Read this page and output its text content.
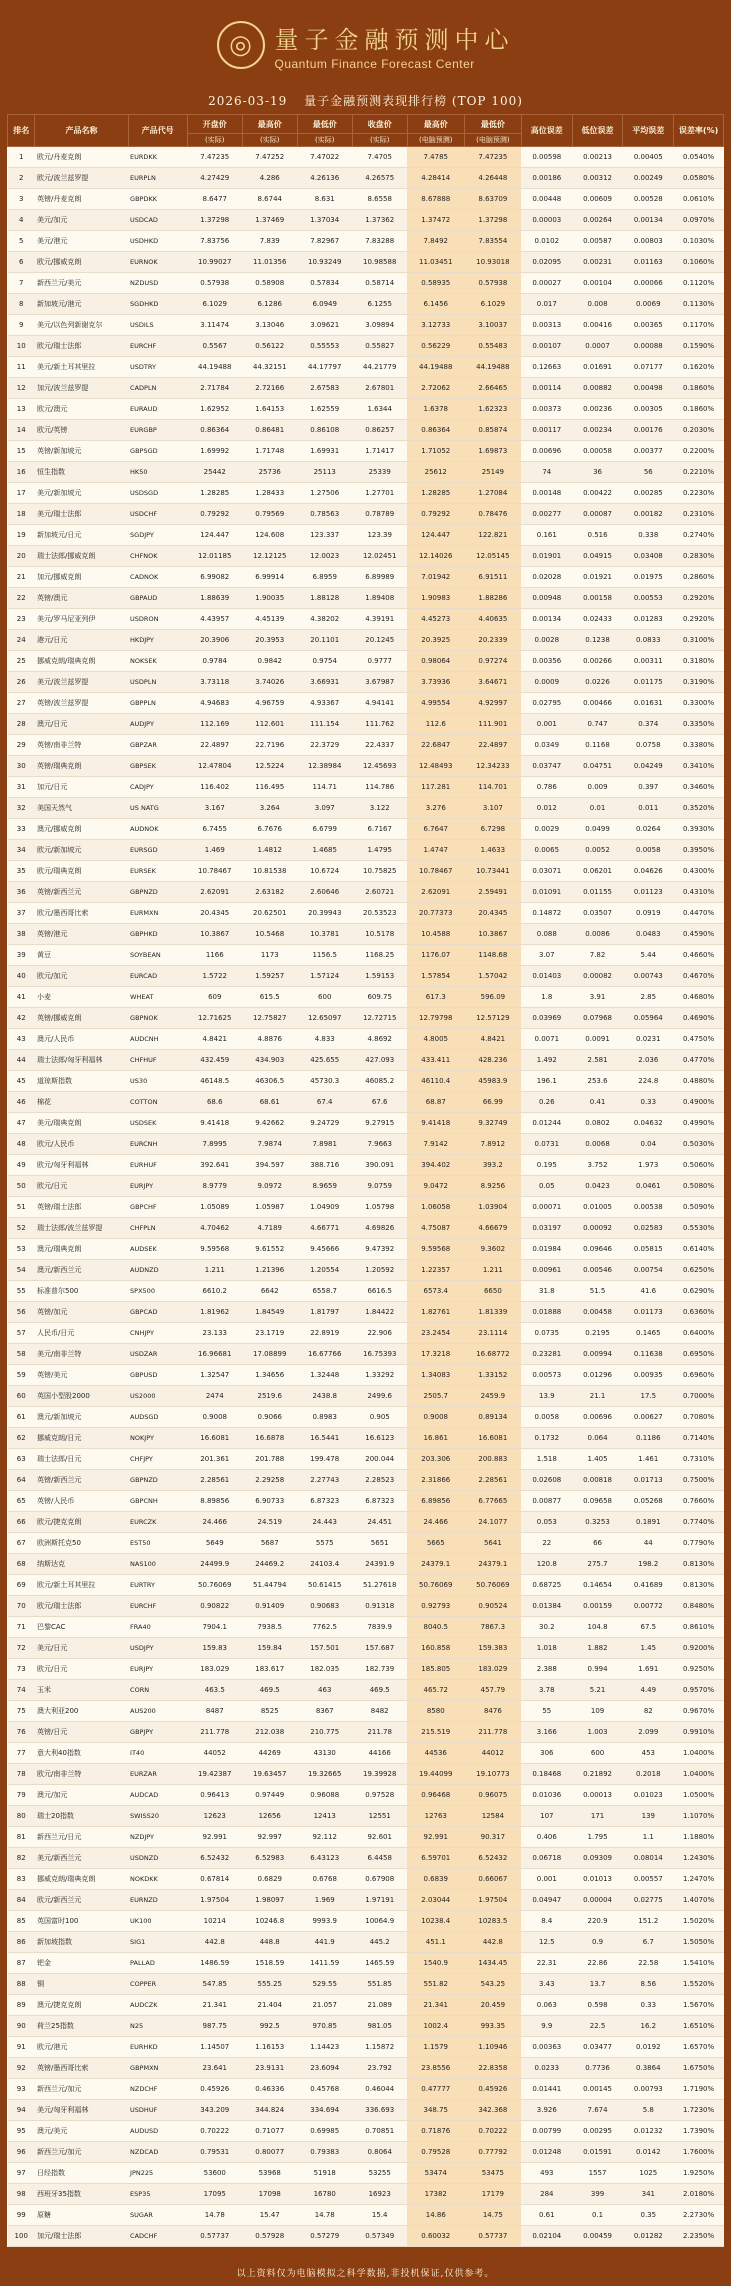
◎ 量子金融预测中心
Quantum Finance Forecast Center
2026-03-19 量子金融预测表现排行榜 (TOP 100)
排名	产品名称	产品代号	开盘价	最高价	最低价	收盘价	最高价	最低价	高位误差	低位误差	平均误差	误差率(%)
			(实际)	(实际)	(实际)	(实际)	(电脑预测)	(电脑预测)				
1	欧元/丹麦克朗	EURDKK	7.47235	7.47252	7.47022	7.4705	7.4785	7.47235	0.00598	0.00213	0.00405	0.0540%
2	欧元/波兰兹罗提	EURPLN	4.27429	4.286	4.26136	4.26575	4.28414	4.26448	0.00186	0.00312	0.00249	0.0580%
3	英镑/丹麦克朗	GBPDKK	8.6477	8.6744	8.631	8.6558	8.67888	8.63709	0.00448	0.00609	0.00528	0.0610%
4	美元/加元	USDCAD	1.37298	1.37469	1.37034	1.37362	1.37472	1.37298	0.00003	0.00264	0.00134	0.0970%
5	美元/港元	USDHKD	7.83756	7.839	7.82967	7.83288	7.8492	7.83554	0.0102	0.00587	0.00803	0.1030%
6	欧元/挪威克朗	EURNOK	10.99027	11.01356	10.93249	10.98588	11.03451	10.93018	0.02095	0.00231	0.01163	0.1060%
7	新西兰元/美元	NZDUSD	0.57938	0.58908	0.57834	0.58714	0.58935	0.57938	0.00027	0.00104	0.00066	0.1120%
8	新加坡元/港元	SGDHKD	6.1029	6.1286	6.0949	6.1255	6.1456	6.1029	0.017	0.008	0.0069	0.1130%
9	美元/以色列新谢克尔	USDILS	3.11474	3.13046	3.09621	3.09894	3.12733	3.10037	0.00313	0.00416	0.00365	0.1170%
10	欧元/瑞士法郎	EURCHF	0.5567	0.56122	0.55553	0.55827	0.56229	0.55483	0.00107	0.0007	0.00088	0.1590%
11	美元/新土耳其里拉	USDTRY	44.19488	44.32151	44.17797	44.21779	44.19488	44.19488	0.12663	0.01691	0.07177	0.1620%
12	加元/波兰兹罗提	CADPLN	2.71784	2.72166	2.67583	2.67801	2.72062	2.66465	0.00114	0.00882	0.00498	0.1860%
13	欧元/澳元	EURAUD	1.62952	1.64153	1.62559	1.6344	1.6378	1.62323	0.00373	0.00236	0.00305	0.1860%
14	欧元/英镑	EURGBP	0.86364	0.86481	0.86108	0.86257	0.86364	0.85874	0.00117	0.00234	0.00176	0.2030%
15	英镑/新加坡元	GBPSGD	1.69992	1.71748	1.69931	1.71417	1.71052	1.69873	0.00696	0.00058	0.00377	0.2200%
16	恒生指数	HK50	25442	25736	25113	25339	25612	25149	74	36	56	0.2210%
17	美元/新加坡元	USDSGD	1.28285	1.28433	1.27506	1.27701	1.28285	1.27084	0.00148	0.00422	0.00285	0.2230%
18	美元/瑞士法郎	USDCHF	0.79292	0.79569	0.78563	0.78789	0.79292	0.78476	0.00277	0.00087	0.00182	0.2310%
19	新加坡元/日元	SGDJPY	124.447	124.608	123.337	123.39	124.447	122.821	0.161	0.516	0.338	0.2740%
20	瑞士法郎/挪威克朗	CHFNOK	12.01185	12.12125	12.0023	12.02451	12.14026	12.05145	0.01901	0.04915	0.03408	0.2830%
21	加元/挪威克朗	CADNOK	6.99082	6.99914	6.8959	6.89989	7.01942	6.91511	0.02028	0.01921	0.01975	0.2860%
22	英镑/澳元	GBPAUD	1.88639	1.90035	1.88128	1.89408	1.90983	1.88286	0.00948	0.00158	0.00553	0.2920%
23	美元/罗马尼亚列伊	USDRON	4.43957	4.45139	4.38202	4.39191	4.45273	4.40635	0.00134	0.02433	0.01283	0.2920%
24	港元/日元	HKDJPY	20.3906	20.3953	20.1101	20.1245	20.3925	20.2339	0.0028	0.1238	0.0833	0.3100%
25	挪威克朗/瑞典克朗	NOKSEK	0.9784	0.9842	0.9754	0.9777	0.98064	0.97274	0.00356	0.00266	0.00311	0.3180%
26	美元/波兰兹罗提	USDPLN	3.73118	3.74026	3.66931	3.67987	3.73936	3.64671	0.0009	0.0226	0.01175	0.3190%
27	英镑/波兰兹罗提	GBPPLN	4.94683	4.96759	4.93367	4.94141	4.99554	4.92997	0.02795	0.00466	0.01631	0.3300%
28	澳元/日元	AUDJPY	112.169	112.601	111.154	111.762	112.6	111.901	0.001	0.747	0.374	0.3350%
29	英镑/南非兰特	GBPZAR	22.4897	22.7196	22.3729	22.4337	22.6847	22.4897	0.0349	0.1168	0.0758	0.3380%
30	英镑/瑞典克朗	GBPSEK	12.47804	12.5224	12.38984	12.45693	12.48493	12.34233	0.03747	0.04751	0.04249	0.3410%
31	加元/日元	CADJPY	116.402	116.495	114.71	114.786	117.281	114.701	0.786	0.009	0.397	0.3460%
32	美国天然气	US NATG	3.167	3.264	3.097	3.122	3.276	3.107	0.012	0.01	0.011	0.3520%
33	澳元/挪威克朗	AUDNOK	6.7455	6.7676	6.6799	6.7167	6.7647	6.7298	0.0029	0.0499	0.0264	0.3930%
34	欧元/新加坡元	EURSGD	1.469	1.4812	1.4685	1.4795	1.4747	1.4633	0.0065	0.0052	0.0058	0.3950%
35	欧元/瑞典克朗	EURSEK	10.78467	10.81538	10.6724	10.75825	10.78467	10.73441	0.03071	0.06201	0.04626	0.4300%
36	英镑/新西兰元	GBPNZD	2.62091	2.63182	2.60646	2.60721	2.62091	2.59491	0.01091	0.01155	0.01123	0.4310%
37	欧元/墨西哥比索	EURMXN	20.4345	20.62501	20.39943	20.53523	20.77373	20.4345	0.14872	0.03507	0.0919	0.4470%
38	英镑/港元	GBPHKD	10.3867	10.5468	10.3781	10.5178	10.4588	10.3867	0.088	0.0086	0.0483	0.4590%
39	黄豆	SOYBEAN	1166	1173	1156.5	1168.25	1176.07	1148.68	3.07	7.82	5.44	0.4660%
40	欧元/加元	EURCAD	1.5722	1.59257	1.57124	1.59153	1.57854	1.57042	0.01403	0.00082	0.00743	0.4670%
41	小麦	WHEAT	609	615.5	600	609.75	617.3	596.09	1.8	3.91	2.85	0.4680%
42	英镑/挪威克朗	GBPNOK	12.71625	12.75827	12.65097	12.72715	12.79798	12.57129	0.03969	0.07968	0.05964	0.4690%
43	澳元/人民币	AUDCNH	4.8421	4.8876	4.833	4.8692	4.8005	4.8421	0.0071	0.0091	0.0231	0.4750%
44	瑞士法郎/匈牙利福林	CHFHUF	432.459	434.903	425.655	427.093	433.411	428.236	1.492	2.581	2.036	0.4770%
45	道琼斯指数	US30	46148.5	46306.5	45730.3	46085.2	46110.4	45983.9	196.1	253.6	224.8	0.4880%
46	棉花	COTTON	68.6	68.61	67.4	67.6	68.87	66.99	0.26	0.41	0.33	0.4900%
47	美元/瑞典克朗	USDSEK	9.41418	9.42662	9.24729	9.27915	9.41418	9.32749	0.01244	0.0802	0.04632	0.4990%
48	欧元/人民币	EURCNH	7.8995	7.9874	7.8981	7.9663	7.9142	7.8912	0.0731	0.0068	0.04	0.5030%
49	欧元/匈牙利福林	EURHUF	392.641	394.597	388.716	390.091	394.402	393.2	0.195	3.752	1.973	0.5060%
50	欧元/日元	EURJPY	8.9779	9.0972	8.9659	9.0759	9.0472	8.9256	0.05	0.0423	0.0461	0.5080%
51	英镑/瑞士法郎	GBPCHF	1.05089	1.05987	1.04909	1.05798	1.06058	1.03904	0.00071	0.01005	0.00538	0.5090%
52	瑞士法郎/波兰兹罗提	CHFPLN	4.70462	4.7189	4.66771	4.69826	4.75087	4.66679	0.03197	0.00092	0.02583	0.5530%
53	澳元/瑞典克朗	AUDSEK	9.59568	9.61552	9.45666	9.47392	9.59568	9.3602	0.01984	0.09646	0.05815	0.6140%
54	澳元/新西兰元	AUDNZD	1.211	1.21396	1.20554	1.20592	1.22357	1.211	0.00961	0.00546	0.00754	0.6250%
55	标准普尔500	SPX500	6610.2	6642	6558.7	6616.5	6573.4	6650	31.8	51.5	41.6	0.6290%
56	英镑/加元	GBPCAD	1.81962	1.84549	1.81797	1.84422	1.82761	1.81339	0.01888	0.00458	0.01173	0.6360%
57	人民币/日元	CNHJPY	23.133	23.1719	22.8919	22.906	23.2454	23.1114	0.0735	0.2195	0.1465	0.6400%
58	美元/南非兰特	USDZAR	16.96681	17.08899	16.67766	16.75393	17.3218	16.68772	0.23281	0.00994	0.11638	0.6950%
59	英镑/美元	GBPUSD	1.32547	1.34656	1.32448	1.33292	1.34083	1.33152	0.00573	0.01296	0.00935	0.6960%
60	英国小型股2000	US2000	2474	2519.6	2438.8	2499.6	2505.7	2459.9	13.9	21.1	17.5	0.7000%
61	澳元/新加坡元	AUDSGD	0.9008	0.9066	0.8983	0.905	0.9008	0.89134	0.0058	0.00696	0.00627	0.7080%
62	挪威克朗/日元	NOKJPY	16.6081	16.6878	16.5441	16.6123	16.861	16.6081	0.1732	0.064	0.1186	0.7140%
63	瑞士法郎/日元	CHFJPY	201.361	201.788	199.478	200.044	203.306	200.883	1.518	1.405	1.461	0.7310%
64	英镑/新西兰元	GBPNZD	2.28561	2.29258	2.27743	2.28523	2.31866	2.28561	0.02608	0.00818	0.01713	0.7500%
65	英镑/人民币	GBPCNH	8.89856	6.90733	6.87323	6.87323	6.89856	6.77665	0.00877	0.09658	0.05268	0.7660%
66	欧元/捷克克朗	EURCZK	24.466	24.519	24.443	24.451	24.466	24.1077	0.053	0.3253	0.1891	0.7740%
67	欧洲斯托克50	EST50	5649	5687	5575	5651	5665	5641	22	66	44	0.7790%
68	纳斯达克	NAS100	24499.9	24469.2	24103.4	24391.9	24379.1	24379.1	120.8	275.7	198.2	0.8130%
69	欧元/新土耳其里拉	EURTRY	50.76069	51.44794	50.61415	51.27618	50.76069	50.76069	0.68725	0.14654	0.41689	0.8130%
70	欧元/瑞士法郎	EURCHF	0.90822	0.91409	0.90683	0.91318	0.92793	0.90524	0.01384	0.00159	0.00772	0.8480%
71	巴黎CAC	FRA40	7904.1	7938.5	7762.5	7839.9	8040.5	7867.3	30.2	104.8	67.5	0.8610%
72	美元/日元	USDJPY	159.83	159.84	157.501	157.687	160.858	159.383	1.018	1.882	1.45	0.9200%
73	欧元/日元	EURJPY	183.029	183.617	182.035	182.739	185.805	183.029	2.388	0.994	1.691	0.9250%
74	玉米	CORN	463.5	469.5	463	469.5	465.72	457.79	3.78	5.21	4.49	0.9570%
75	澳大利亚200	AUS200	8487	8525	8367	8482	8580	8476	55	109	82	0.9670%
76	英镑/日元	GBPJPY	211.778	212.038	210.775	211.78	215.519	211.778	3.166	1.003	2.099	0.9910%
77	意大利40指数	IT40	44052	44269	43130	44166	44536	44012	306	600	453	1.0400%
78	欧元/南非兰特	EURZAR	19.42387	19.63457	19.32665	19.39928	19.44099	19.10773	0.18468	0.21892	0.2018	1.0400%
79	澳元/加元	AUDCAD	0.96413	0.97449	0.96088	0.97528	0.96468	0.96075	0.01036	0.00013	0.01023	1.0500%
80	瑞士20指数	SWISS20	12623	12656	12413	12551	12763	12584	107	171	139	1.1070%
81	新西兰元/日元	NZDJPY	92.991	92.997	92.112	92.601	92.991	90.317	0.406	1.795	1.1	1.1880%
82	美元/新西兰元	USDNZD	6.52432	6.52983	6.43123	6.4458	6.59701	6.52432	0.06718	0.09309	0.08014	1.2430%
83	挪威克朗/瑞典克朗	NOKDKK	0.67814	0.6829	0.6768	0.67908	0.6839	0.66067	0.001	0.01013	0.00557	1.2470%
84	欧元/新西兰元	EURNZD	1.97504	1.98097	1.969	1.97191	2.03044	1.97504	0.04947	0.00004	0.02775	1.4070%
85	英国富时100	UK100	10214	10246.8	9993.9	10064.9	10238.4	10283.5	8.4	220.9	151.2	1.5020%
86	新加坡指数	SIG1	442.8	448.8	441.9	445.2	451.1	442.8	12.5	0.9	6.7	1.5050%
87	钯金	PALLAD	1486.59	1518.59	1411.59	1465.59	1540.9	1434.45	22.31	22.86	22.58	1.5410%
88	铜	COPPER	547.85	555.25	529.55	551.85	551.82	543.25	3.43	13.7	8.56	1.5520%
89	澳元/捷克克朗	AUDCZK	21.341	21.404	21.057	21.089	21.341	20.459	0.063	0.598	0.33	1.5670%
90	荷兰25指数	N25	987.75	992.5	970.85	981.05	1002.4	993.35	9.9	22.5	16.2	1.6510%
91	欧元/港元	EURHKD	1.14507	1.16153	1.14423	1.15872	1.1579	1.10946	0.00363	0.03477	0.0192	1.6570%
92	英镑/墨西哥比索	GBPMXN	23.641	23.9131	23.6094	23.792	23.8556	22.8358	0.0233	0.7736	0.3864	1.6750%
93	新西兰元/加元	NZDCHF	0.45926	0.46336	0.45768	0.46044	0.47777	0.45926	0.01441	0.00145	0.00793	1.7190%
94	美元/匈牙利福林	USDHUF	343.209	344.824	334.694	336.693	348.75	342.368	3.926	7.674	5.8	1.7230%
95	澳元/美元	AUDUSD	0.70222	0.71077	0.69985	0.70851	0.71876	0.70222	0.00799	0.00295	0.01232	1.7390%
96	新西兰元/加元	NZDCAD	0.79531	0.80077	0.79383	0.8064	0.79528	0.77792	0.01248	0.01591	0.0142	1.7600%
97	日经指数	JPN225	53600	53968	51918	53255	53474	53475	493	1557	1025	1.9250%
98	西班牙35指数	ESP35	17095	17098	16780	16923	17382	17179	284	399	341	2.0180%
99	原糖	SUGAR	14.78	15.47	14.78	15.4	14.86	14.75	0.61	0.1	0.35	2.2730%
100	加元/瑞士法郎	CADCHF	0.57737	0.57928	0.57279	0.57349	0.60032	0.57737	0.02104	0.00459	0.01282	2.2350%
以上资料仅为电脑模拟之科学数据,非投机保证,仅供参考。
